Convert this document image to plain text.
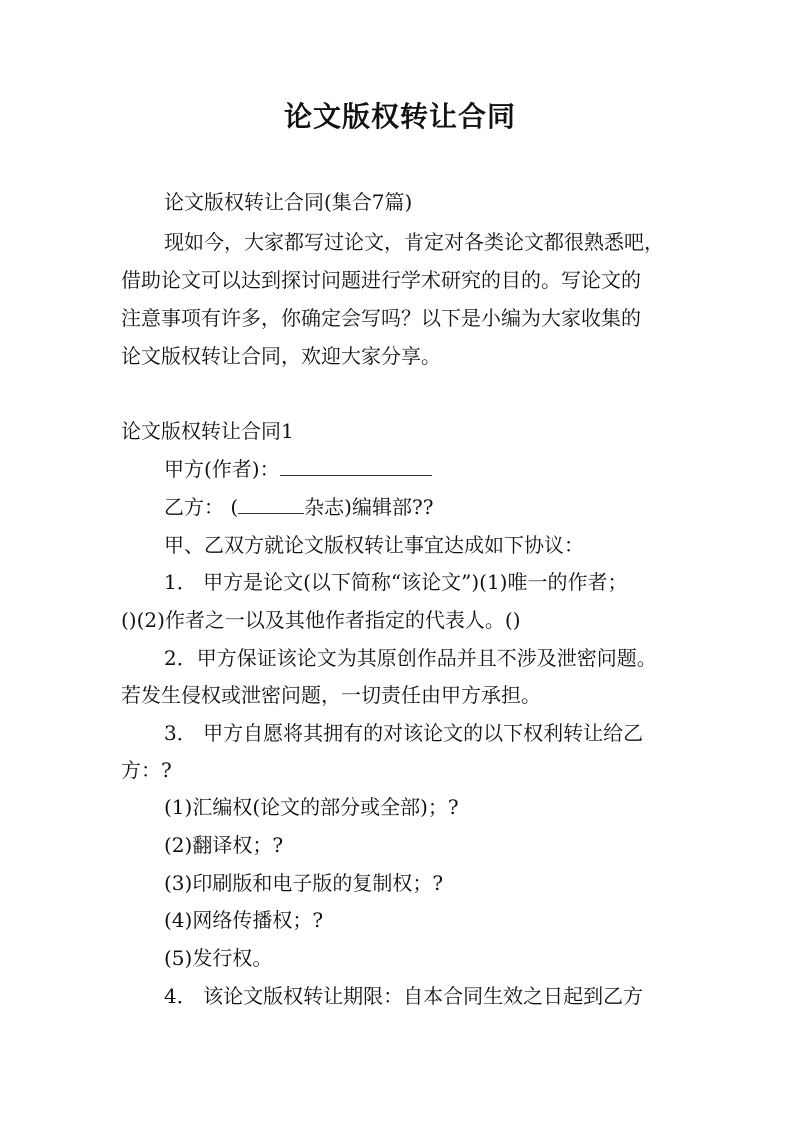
论文版权转让合同
论文版权转让合同(集合7篇)
现如今，大家都写过论文，肯定对各类论文都很熟悉吧，
借助论文可以达到探讨问题进行学术研究的目的。写论文的
注意事项有许多，你确定会写吗？以下是小编为大家收集的
论文版权转让合同，欢迎大家分享。
论文版权转让合同1
甲方(作者)：
乙方： (	杂志)编辑部??
甲、乙双方就论文版权转让事宜达成如下协议：
1． 甲方是论文(以下简称“该论文”)(1)唯一的作者；
()(2)作者之一以及其他作者指定的代表人。()
2．甲方保证该论文为其原创作品并且不涉及泄密问题。
若发生侵权或泄密问题，一切责任由甲方承担。
3． 甲方自愿将其拥有的对该论文的以下权利转让给乙
方：?
(1)汇编权(论文的部分或全部)；?
(2)翻译权；?
(3)印刷版和电子版的复制权；?
(4)网络传播权；?
(5)发行权。
4． 该论文版权转让期限：自本合同生效之日起到乙方
